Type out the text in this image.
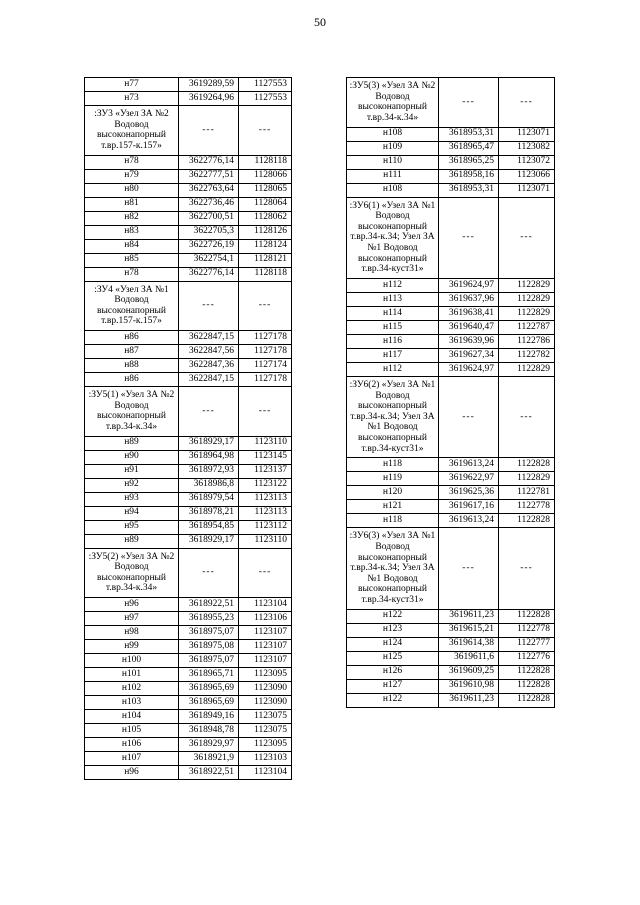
50
н77	3619289,59	1127553
н73	3619264,96	1127553
:ЗУ3 «Узел ЗА №2 Водовод высоконапорный т.вр.157-к.157»	---	---
н78	3622776,14	1128118
н79	3622777,51	1128066
н80	3622763,64	1128065
н81	3622736,46	1128064
н82	3622700,51	1128062
н83	3622705,3	1128126
н84	3622726,19	1128124
н85	3622754,1	1128121
н78	3622776,14	1128118
:ЗУ4 «Узел ЗА №1 Водовод высоконапорный т.вр.157-к.157»	---	---
н86	3622847,15	1127178
н87	3622847,56	1127178
н88	3622847,36	1127174
н86	3622847,15	1127178
:ЗУ5(1) «Узел ЗА №2 Водовод высоконапорный т.вр.34-к.34»	---	---
н89	3618929,17	1123110
н90	3618964,98	1123145
н91	3618972,93	1123137
н92	3618986,8	1123122
н93	3618979,54	1123113
н94	3618978,21	1123113
н95	3618954,85	1123112
н89	3618929,17	1123110
:ЗУ5(2) «Узел ЗА №2 Водовод высоконапорный т.вр.34-к.34»	---	---
н96	3618922,51	1123104
н97	3618955,23	1123106
н98	3618975,07	1123107
н99	3618975,08	1123107
н100	3618975,07	1123107
н101	3618965,71	1123095
н102	3618965,69	1123090
н103	3618965,69	1123090
н104	3618949,16	1123075
н105	3618948,78	1123075
н106	3618929,97	1123095
н107	3618921,9	1123103
н96	3618922,51	1123104
:ЗУ5(3) «Узел ЗА №2 Водовод высоконапорный т.вр.34-к.34»	---	---
н108	3618953,31	1123071
н109	3618965,47	1123082
н110	3618965,25	1123072
н111	3618958,16	1123066
н108	3618953,31	1123071
:ЗУ6(1) «Узел ЗА №1 Водовод высоконапорный т.вр.34-к.34; Узел ЗА №1 Водовод высоконапорный т.вр.34-куст31»	---	---
н112	3619624,97	1122829
н113	3619637,96	1122829
н114	3619638,41	1122829
н115	3619640,47	1122787
н116	3619639,96	1122786
н117	3619627,34	1122782
н112	3619624,97	1122829
:ЗУ6(2) «Узел ЗА №1 Водовод высоконапорный т.вр.34-к.34; Узел ЗА №1 Водовод высоконапорный т.вр.34-куст31»	---	---
н118	3619613,24	1122828
н119	3619622,97	1122829
н120	3619625,36	1122781
н121	3619617,16	1122778
н118	3619613,24	1122828
:ЗУ6(3) «Узел ЗА №1 Водовод высоконапорный т.вр.34-к.34; Узел ЗА №1 Водовод высоконапорный т.вр.34-куст31»	---	---
н122	3619611,23	1122828
н123	3619615,21	1122778
н124	3619614,38	1122777
н125	3619611,6	1122776
н126	3619609,25	1122828
н127	3619610,98	1122828
н122	3619611,23	1122828
